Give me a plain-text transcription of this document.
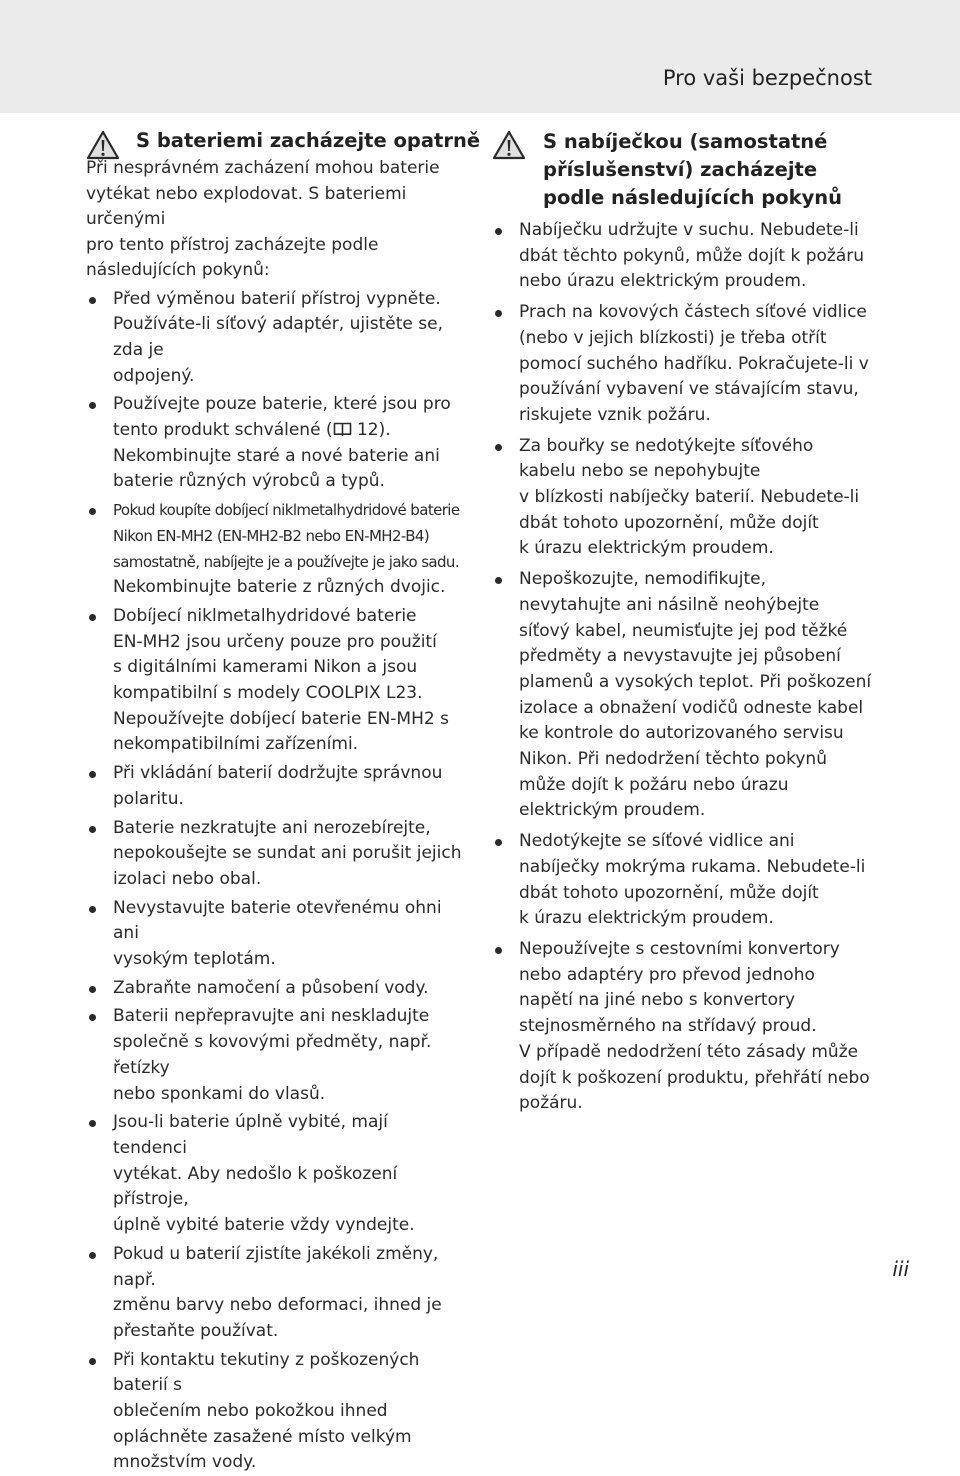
Pro vaši bezpečnost
S bateriemi zacházejte opatrně
Při nesprávném zacházení mohou baterie
vytékat nebo explodovat. S bateriemi určenými
pro tento přístroj zacházejte podle
následujících pokynů:
Před výměnou baterií přístroj vypněte.
Používáte-li síťový adaptér, ujistěte se, zda je
odpojený.
Používejte pouze baterie, které jsou pro
tento produkt schválené ( 12).
Nekombinujte staré a nové baterie ani
baterie různých výrobců a typů.
Pokud koupíte dobíjecí niklmetalhydridové baterie
Nikon EN-MH2 (EN-MH2-B2 nebo EN-MH2-B4)
samostatně, nabíjejte je a používejte je jako sadu.
Nekombinujte baterie z různých dvojic.
Dobíjecí niklmetalhydridové baterie
EN-MH2 jsou určeny pouze pro použití
s digitálními kamerami Nikon a jsou
kompatibilní s modely COOLPIX L23.
Nepoužívejte dobíjecí baterie EN-MH2 s
nekompatibilními zařízeními.
Při vkládání baterií dodržujte správnou
polaritu.
Baterie nezkratujte ani nerozebírejte,
nepokoušejte se sundat ani porušit jejich
izolaci nebo obal.
Nevystavujte baterie otevřenému ohni ani
vysokým teplotám.
Zabraňte namočení a působení vody.
Baterii nepřepravujte ani neskladujte
společně s kovovými předměty, např. řetízky
nebo sponkami do vlasů.
Jsou-li baterie úplně vybité, mají tendenci
vytékat. Aby nedošlo k poškození přístroje,
úplně vybité baterie vždy vyndejte.
Pokud u baterií zjistíte jakékoli změny, např.
změnu barvy nebo deformaci, ihned je
přestaňte používat.
Při kontaktu tekutiny z poškozených baterií s
oblečením nebo pokožkou ihned
opláchněte zasažené místo velkým
množstvím vody.
S nabíječkou (samostatné příslušenství) zacházejte podle následujících pokynů
Nabíječku udržujte v suchu. Nebudete-li
dbát těchto pokynů, může dojít k požáru
nebo úrazu elektrickým proudem.
Prach na kovových částech síťové vidlice
(nebo v jejich blízkosti) je třeba otřít
pomocí suchého hadříku. Pokračujete-li v
používání vybavení ve stávajícím stavu,
riskujete vznik požáru.
Za bouřky se nedotýkejte síťového
kabelu nebo se nepohybujte
v blízkosti nabíječky baterií. Nebudete-li
dbát tohoto upozornění, může dojít
k úrazu elektrickým proudem.
Nepoškozujte, nemodifikujte,
nevytahujte ani násilně neohýbejte
síťový kabel, neumisťujte jej pod těžké
předměty a nevystavujte jej působení
plamenů a vysokých teplot. Při poškození
izolace a obnažení vodičů odneste kabel
ke kontrole do autorizovaného servisu
Nikon. Při nedodržení těchto pokynů
může dojít k požáru nebo úrazu
elektrickým proudem.
Nedotýkejte se síťové vidlice ani
nabíječky mokrýma rukama. Nebudete-li
dbát tohoto upozornění, může dojít
k úrazu elektrickým proudem.
Nepoužívejte s cestovními konvertory
nebo adaptéry pro převod jednoho
napětí na jiné nebo s konvertory
stejnosměrného na střídavý proud.
V případě nedodržení této zásady může
dojít k poškození produktu, přehřátí nebo
požáru.
iii
